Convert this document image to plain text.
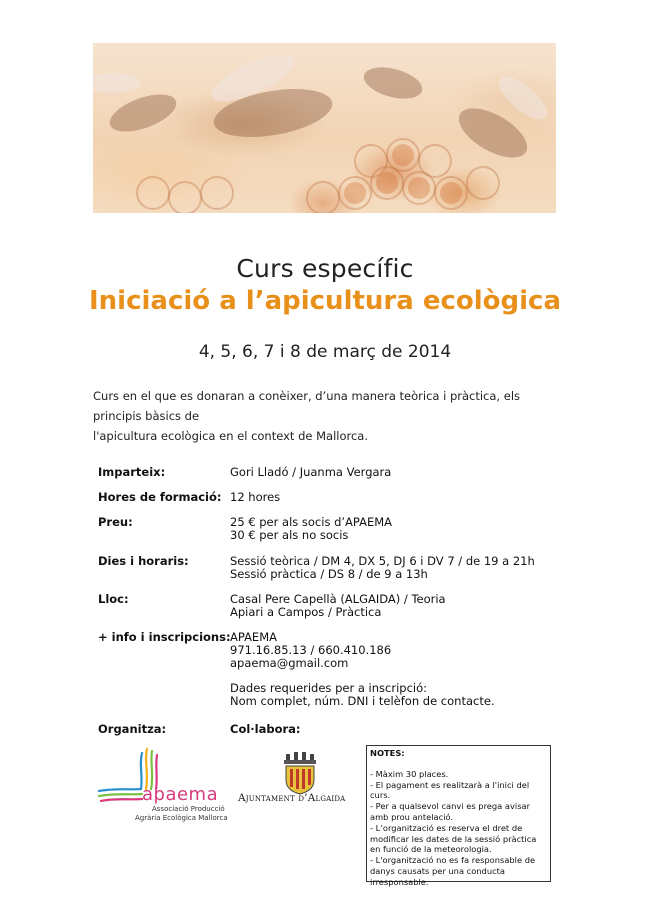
Curs específic
Iniciació a l’apicultura ecològica
4, 5, 6, 7 i 8 de març de 2014
Curs en el que es donaran a conèixer, d’una manera teòrica i pràctica, els principis bàsics de
l'apicultura ecològica en el context de Mallorca.
Imparteix:	Gori Lladó / Juanma Vergara
Hores de formació: 12 hores
Preu:	25 € per als socis d’APAEMA
30 € per als no socis
Dies i horaris:	Sessió teòrica / DM 4, DX 5, DJ 6 i DV 7 / de 19 a 21h
Sessió pràctica / DS 8 / de 9 a 13h
Lloc:	Casal Pere Capellà (ALGAIDA) / Teoria
Apiari a Campos / Pràctica
+ info i inscripcions: APAEMA
971.16.85.13 / 660.410.186
apaema@gmail.com
Dades requerides per a inscripció:
Nom complet, núm. DNI i telèfon de contacte.
Organitza:	Col·labora:
apaema
Associació Producció
Agrària Ecològica Mallorca
Ajuntament d’Algaida
NOTES:

- Màxim 30 places.

- El pagament es realitzarà a l'inici del curs.

- Per a qualsevol canvi es prega avisar amb prou antelació.

- L’organització es reserva el dret de modificar les dates de la sessió pràctica en funció de la meteorologia.

- L'organització no es fa responsable de danys causats per una conducta irresponsable.
